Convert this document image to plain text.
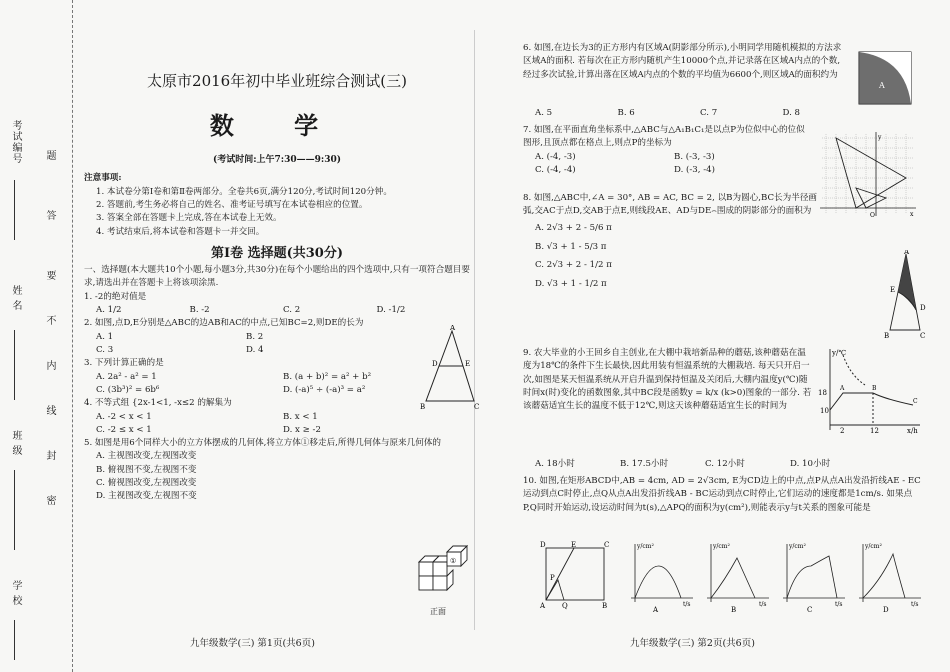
考试编号
姓 名
班 级
学 校
题
答
要
不
内
线
封
密
太原市2016年初中毕业班综合测试(三)
数 学
(考试时间:上午7:30——9:30)
注意事项:
1. 本试卷分第Ⅰ卷和第Ⅱ卷两部分。全卷共6页,满分120分,考试时间120分钟。
2. 答题前,考生务必将自己的姓名、准考证号填写在本试卷相应的位置。
3. 答案全部在答题卡上完成,答在本试卷上无效。
4. 考试结束后,将本试卷和答题卡一并交回。
第Ⅰ卷 选择题(共30分)

一、选择题(本大题共10个小题,每小题3分,共30分)在每个小题给出的四个选项中,只有一项符合题目要求,请选出并在答题卡上将该项涂黑.

1. -2的绝对值是

A. 1/2	B. -2	C. 2	D. -1/2

2. 如图,点D,E分别是△ABC的边AB和AC的中点,已知BC=2,则DE的长为

A. 1	B. 2
C. 3	D. 4

3. 下列计算正确的是

A. 2a² - a² = 1	B. (a + b)² = a² + b²
C. (3b³)² = 6b⁶	D. (-a)⁵ ÷ (-a)³ = a²

4. 不等式组 {2x-1<1, -x≤2 的解集为

A. -2 < x < 1	B. x < 1
C. -2 ≤ x < 1	D. x ≥ -2

5. 如图是用6个同样大小的立方体摆成的几何体,将立方体①移走后,所得几何体与原来几何体的

A. 主视图改变,左视图改变
B. 俯视图不变,左视图不变
C. 俯视图改变,左视图改变
D. 主视图改变,左视图不变
A
D	E
B	C
①
正面
九年级数学(三) 第1页(共6页)

6. 如图,在边长为3的正方形内有区域A(阴影部分所示),小明同学用随机模拟的方法求区域A的面积. 若每次在正方形内随机产生10000个点,并记录落在区域A内点的个数,经过多次试验,计算出落在区域A内点的个数的平均值为6600个,则区域A的面积约为

A. 5	B. 6	C. 7	D. 8

7. 如图,在平面直角坐标系中,△ABC与△A₁B₁C₁是以点P为位似中心的位似图形,且顶点都在格点上,则点P的坐标为

A. (-4, -3)	B. (-3, -3)
C. (-4, -4)	D. (-3, -4)

8. 如图,△ABC中,∠A = 30°, AB = AC, BC = 2, 以B为圆心,BC长为半径画弧,交AC于点D,交AB于点E,则线段AE、AD与DE⌢围成的阴影部分的面积为

A. 2√3 + 2 - 5/6 π
B. √3 + 1 - 5/3 π
C. 2√3 + 2 - 1/2 π
D. √3 + 1 - 1/2 π

9. 农大毕业的小王回乡自主创业,在大棚中栽培新品种的蘑菇,该种蘑菇在温度为18℃的条件下生长最快,因此用装有恒温系统的大棚栽培. 每天只开启一次,如图是某天恒温系统从开启升温到保持恒温及关闭后,大棚内温度y(℃)随时间x(时)变化的函数图象,其中BC段是函数y = k/x (k>0)图象的一部分. 若该蘑菇适宜生长的温度不低于12℃,则这天该种蘑菇适宜生长的时间为

A. 18小时	B. 17.5小时	C. 12小时	D. 10小时

10. 如图,在矩形ABCD中,AB = 4cm, AD = 2√3cm, E为CD边上的中点,点P从点A出发沿折线AE - EC运动到点C时停止,点Q从点A出发沿折线AB - BC运动到点C时停止,它们运动的速度都是1cm/s. 如果点P,Q同时开始运动,设运动时间为t(s),△APQ的面积为y(cm²),则能表示y与t关系的图象可能是

A
y
x
O
A
E
D
B	C
y/℃
18
10
2	12	x/h
A	B
C
D	E	C
A Q	B
P
y/cm²	y/cm²	y/cm²	y/cm²
t/s	t/s	t/s	t/s
A	B	C	D
九年级数学(三) 第2页(共6页)
